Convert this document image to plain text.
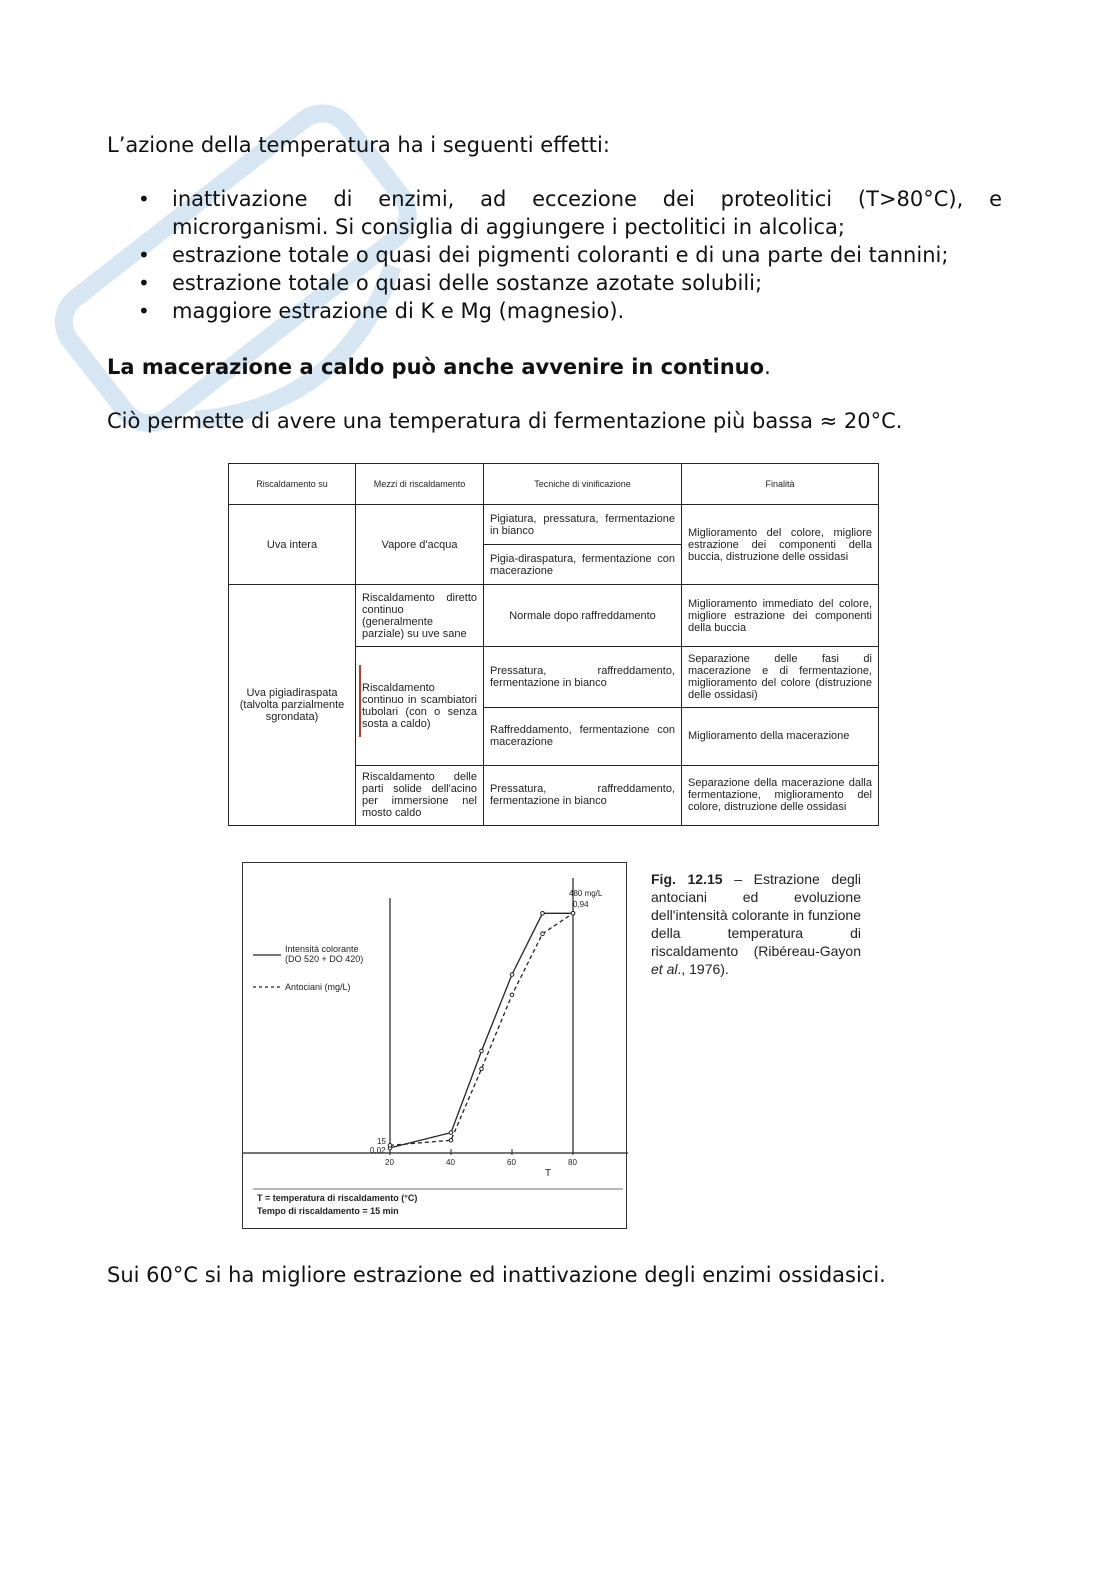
L’azione della temperatura ha i seguenti effetti:

• inattivazione di enzimi, ad eccezione dei proteolitici (T>80°C), e microrganismi. Si consiglia di aggiungere i pectolitici in alcolica;
• estrazione totale o quasi dei pigmenti coloranti e di una parte dei tannini;
• estrazione totale o quasi delle sostanze azotate solubili;
• maggiore estrazione di K e Mg (magnesio).

La macerazione a caldo può anche avvenire in continuo.

Ciò permette di avere una temperatura di fermentazione più bassa ≈ 20°C.

Riscaldamento su	Mezzi di riscaldamento	Tecniche di vinificazione	Finalità
Uva intera	Vapore d'acqua	Pigiatura, pressatura, fermentazione in bianco	Miglioramento del colore, migliore estrazione dei componenti della buccia, distruzione delle ossidasi
		Pigia-diraspatura, fermentazione con macerazione	
Uva pigiadiraspata (talvolta parzialmente sgrondata)	Riscaldamento diretto continuo (generalmente parziale) su uve sane	Normale dopo raffreddamento	Miglioramento immediato del colore, migliore estrazione dei componenti della buccia
	Riscaldamento continuo in scambiatori tubolari (con o senza sosta a caldo)	Pressatura, raffreddamento, fermentazione in bianco	Separazione delle fasi di macerazione e di fermentazione, miglioramento del colore (distruzione delle ossidasi)
		Raffreddamento, fermentazione con macerazione	Miglioramento della macerazione
	Riscaldamento delle parti solide dell'acino per immersione nel mosto caldo	Pressatura, raffreddamento, fermentazione in bianco	Separazione della macerazione dalla fermentazione, miglioramento del colore, distruzione delle ossidasi
20	40	60	80
Intensità colorante
(DO 520 + DO 420)
Antociani (mg/L)
480 mg/L
0,94
15
0,02
T
T = temperatura di riscaldamento (°C)
Tempo di riscaldamento = 15 min
Fig. 12.15 – Estrazione degli antociani ed evoluzione dell'intensità colorante in funzione della temperatura di riscaldamento (Ribéreau-Gayon et al., 1976).

Sui 60°C si ha migliore estrazione ed inattivazione degli enzimi ossidasici.
